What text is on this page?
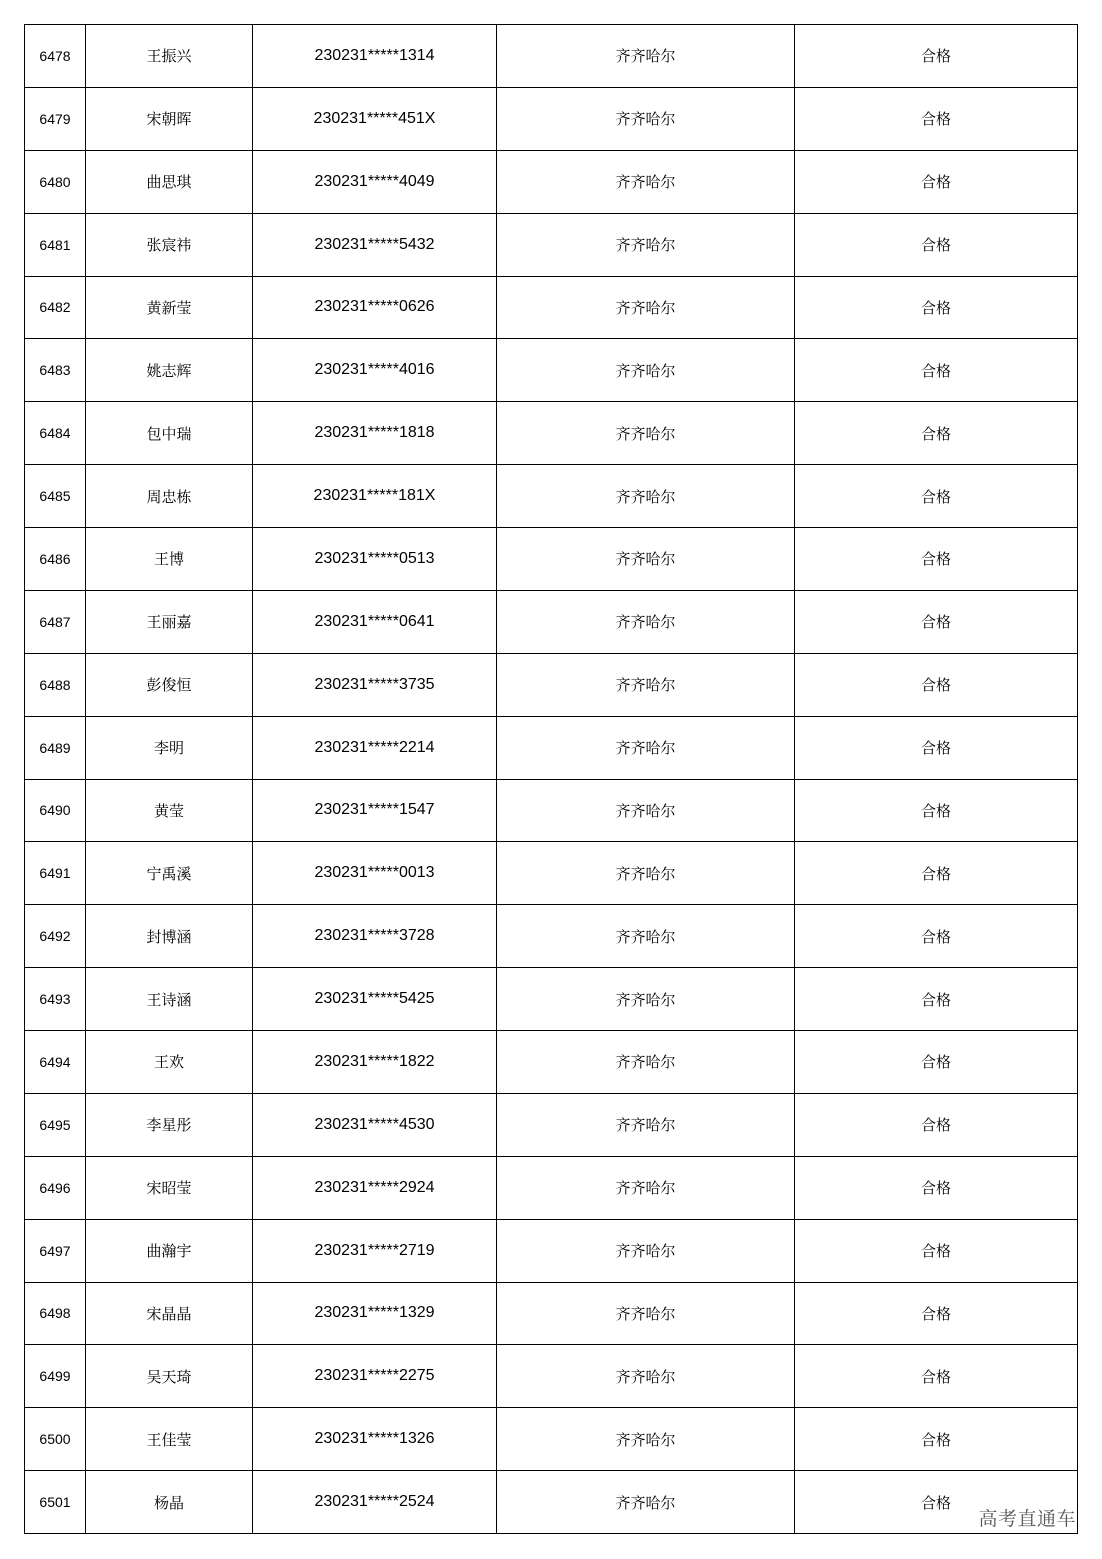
6478	王振兴	230231*****1314	齐齐哈尔	合格
6479	宋朝晖	230231*****451X	齐齐哈尔	合格
6480	曲思琪	230231*****4049	齐齐哈尔	合格
6481	张宸祎	230231*****5432	齐齐哈尔	合格
6482	黄新莹	230231*****0626	齐齐哈尔	合格
6483	姚志辉	230231*****4016	齐齐哈尔	合格
6484	包中瑞	230231*****1818	齐齐哈尔	合格
6485	周忠栋	230231*****181X	齐齐哈尔	合格
6486	王博	230231*****0513	齐齐哈尔	合格
6487	王丽嘉	230231*****0641	齐齐哈尔	合格
6488	彭俊恒	230231*****3735	齐齐哈尔	合格
6489	李明	230231*****2214	齐齐哈尔	合格
6490	黄莹	230231*****1547	齐齐哈尔	合格
6491	宁禹溪	230231*****0013	齐齐哈尔	合格
6492	封博涵	230231*****3728	齐齐哈尔	合格
6493	王诗涵	230231*****5425	齐齐哈尔	合格
6494	王欢	230231*****1822	齐齐哈尔	合格
6495	李星彤	230231*****4530	齐齐哈尔	合格
6496	宋昭莹	230231*****2924	齐齐哈尔	合格
6497	曲瀚宇	230231*****2719	齐齐哈尔	合格
6498	宋晶晶	230231*****1329	齐齐哈尔	合格
6499	吴天琦	230231*****2275	齐齐哈尔	合格
6500	王佳莹	230231*****1326	齐齐哈尔	合格
6501	杨晶	230231*****2524	齐齐哈尔	合格
高考直通车
